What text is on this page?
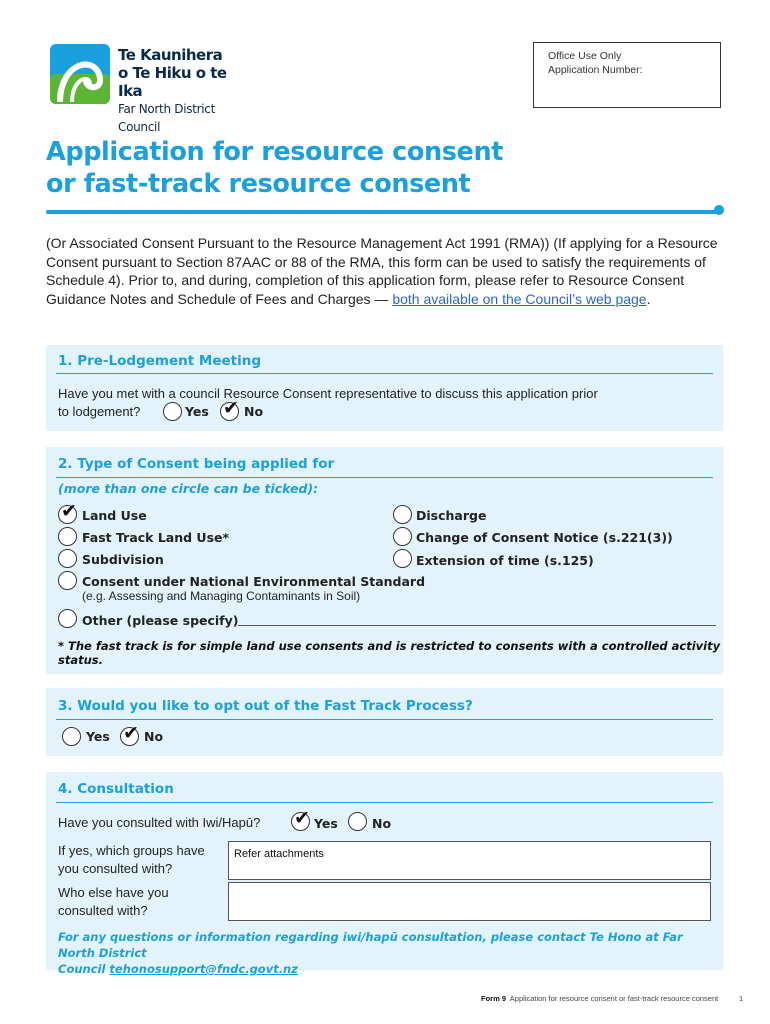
Te Kaunihera
o Te Hiku o te Ika
Far North District Council
Office Use Only
Application Number:
Application for resource consent
or fast-track resource consent
(Or Associated Consent Pursuant to the Resource Management Act 1991 (RMA)) (If applying for a Resource Consent pursuant to Section 87AAC or 88 of the RMA, this form can be used to satisfy the requirements of Schedule 4). Prior to, and during, completion of this application form, please refer to Resource Consent Guidance Notes and Schedule of Fees and Charges — both available on the Council’s web page.
1. Pre-Lodgement Meeting
Have you met with a council Resource Consent representative to discuss this application prior
to lodgement?	Yes ✔ No
2. Type of Consent being applied for
(more than one circle can be ticked):
✔ Land Use
Fast Track Land Use*
Subdivision
Consent under National Environmental Standard
(e.g. Assessing and Managing Contaminants in Soil)
Other (please specify)
Discharge
Change of Consent Notice (s.221(3))
Extension of time (s.125)
* The fast track is for simple land use consents and is restricted to consents with a controlled activity status.
3. Would you like to opt out of the Fast Track Process?
Yes ✔ No
4. Consultation
Have you consulted with Iwi/Hapū? ✔ Yes	No
If yes, which groups have
you consulted with?
Refer attachments
Who else have you
consulted with?
For any questions or information regarding iwi/hapū consultation, please contact Te Hono at Far North District
Council tehonosupport@fndc.govt.nz
Form 9 Application for resource consent or fast-track resource consent	1
